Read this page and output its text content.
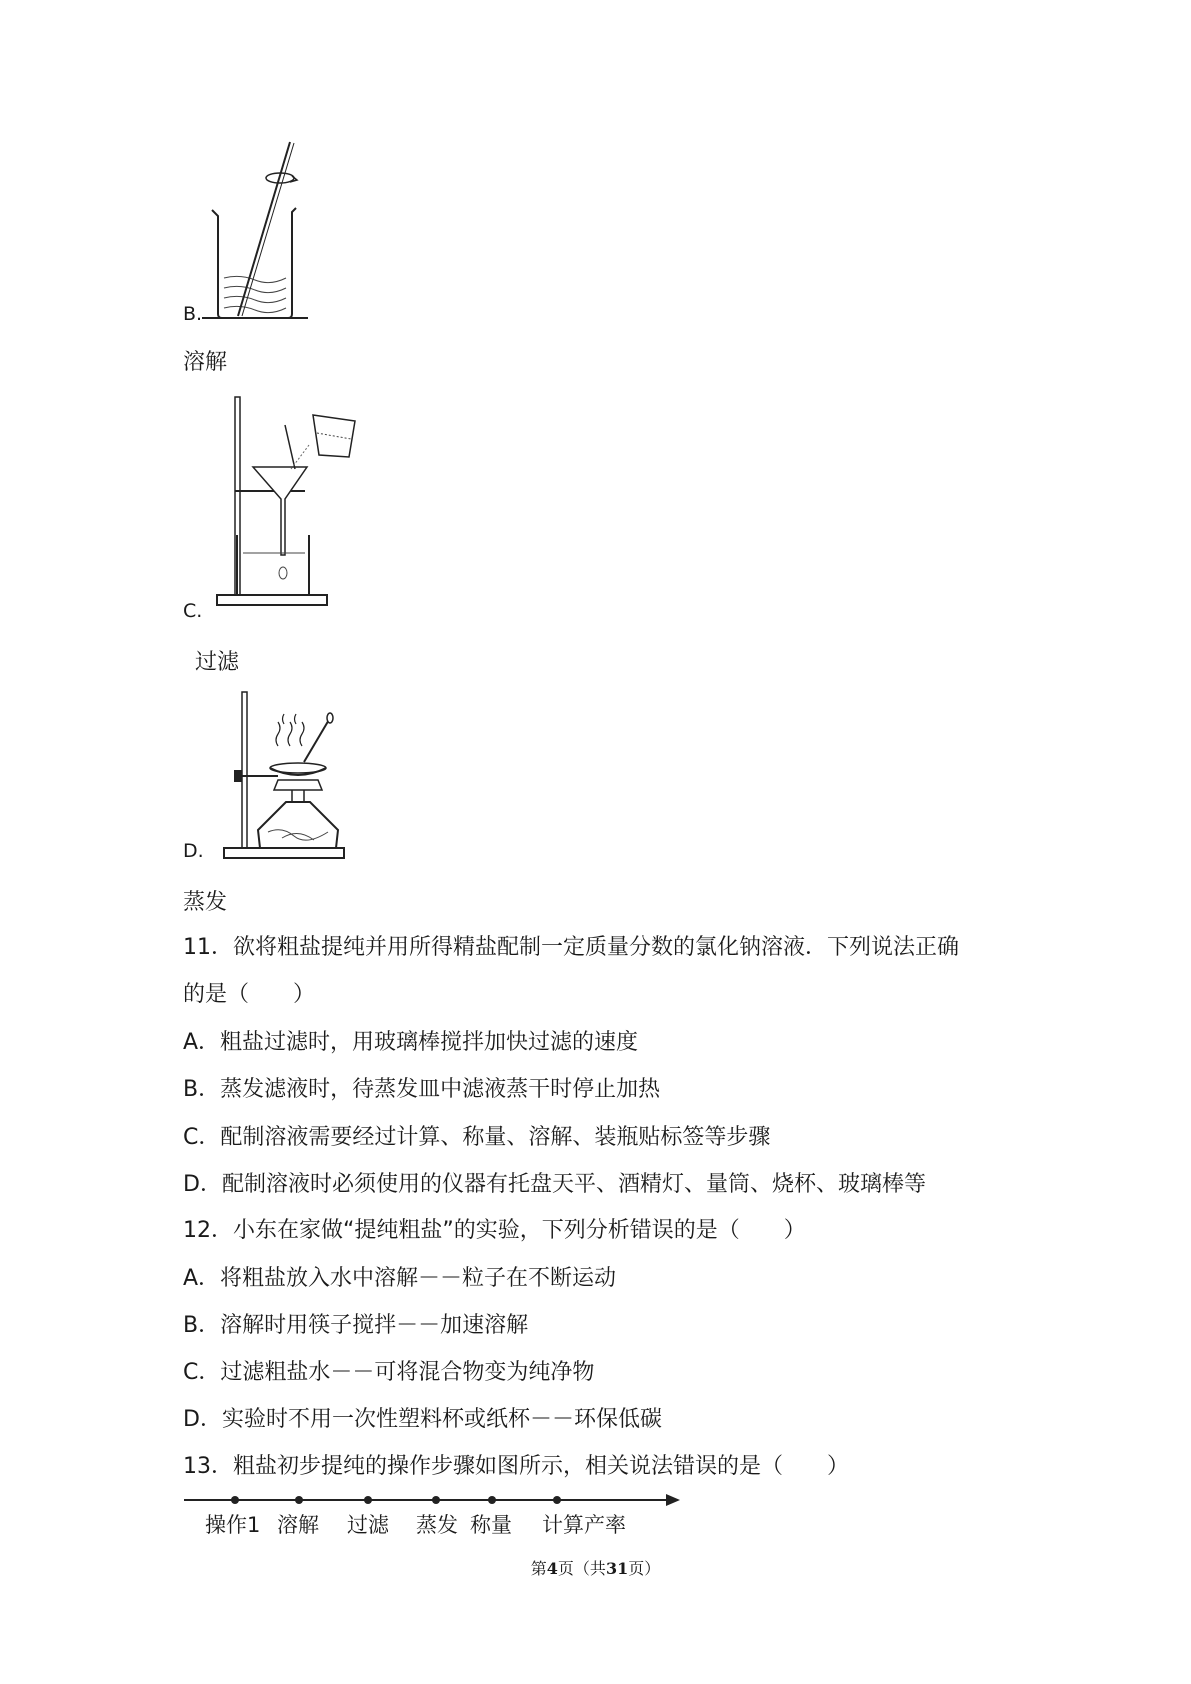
B.
溶解
C.
过滤
D.
蒸发
11．欲将粗盐提纯并用所得精盐配制一定质量分数的氯化钠溶液．下列说法正确
的是（　　）
A．粗盐过滤时，用玻璃棒搅拌加快过滤的速度
B．蒸发滤液时，待蒸发皿中滤液蒸干时停止加热
C．配制溶液需要经过计算、称量、溶解、装瓶贴标签等步骤
D．配制溶液时必须使用的仪器有托盘天平、酒精灯、量筒、烧杯、玻璃棒等
12．小东在家做“提纯粗盐”的实验，下列分析错误的是（　　）
A．将粗盐放入水中溶解－－粒子在不断运动
B．溶解时用筷子搅拌－－加速溶解
C．过滤粗盐水－－可将混合物变为纯净物
D．实验时不用一次性塑料杯或纸杯－－环保低碳
13．粗盐初步提纯的操作步骤如图所示，相关说法错误的是（　　）
操作1 溶解 过滤 蒸发 称量 计算产率
第4页（共31页）
